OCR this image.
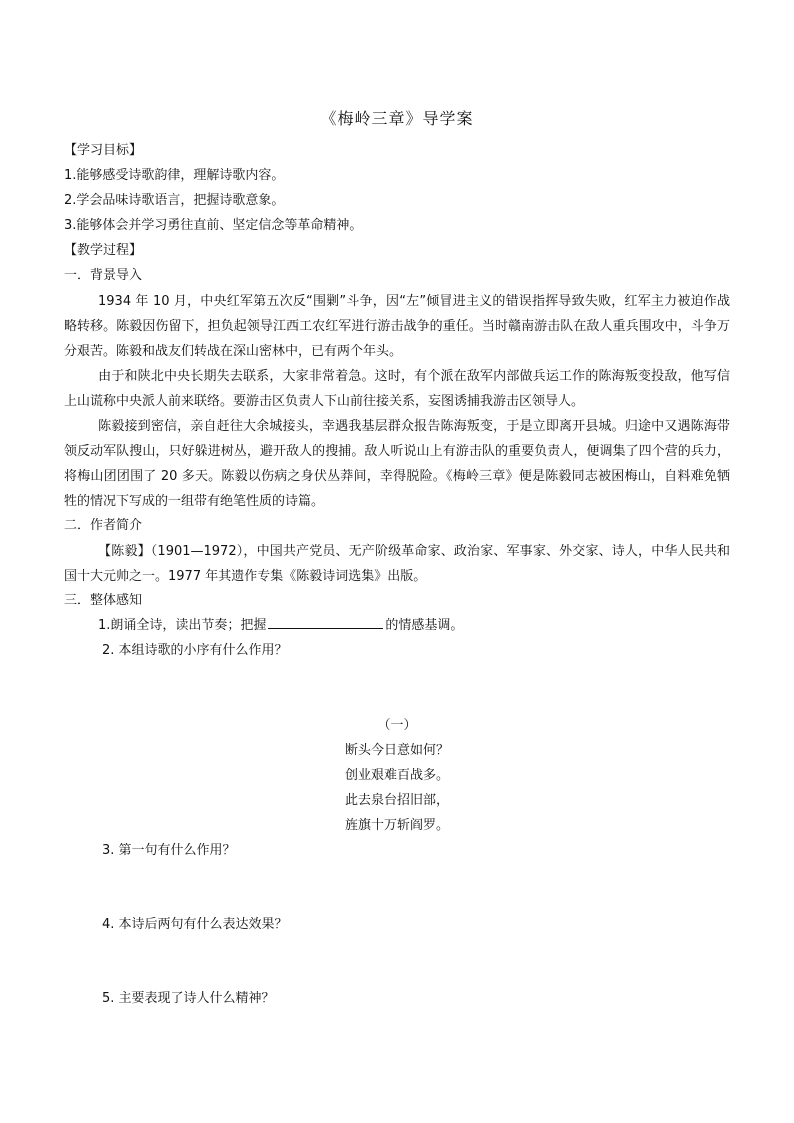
《梅岭三章》导学案
【学习目标】
1.能够感受诗歌韵律，理解诗歌内容。
2.学会品味诗歌语言，把握诗歌意象。
3.能够体会并学习勇往直前、坚定信念等革命精神。
【教学过程】
一．背景导入
1934 年 10 月，中央红军第五次反“围剿”斗争，因“左”倾冒进主义的错误指挥导致失败，红军主力被迫作战略转移。陈毅因伤留下，担负起领导江西工农红军进行游击战争的重任。当时赣南游击队在敌人重兵围攻中，斗争万分艰苦。陈毅和战友们转战在深山密林中，已有两个年头。
由于和陕北中央长期失去联系，大家非常着急。这时，有个派在敌军内部做兵运工作的陈海叛变投敌，他写信上山谎称中央派人前来联络。要游击区负责人下山前往接关系，妄图诱捕我游击区领导人。
陈毅接到密信，亲自赶往大余城接头，幸遇我基层群众报告陈海叛变，于是立即离开县城。归途中又遇陈海带领反动军队搜山，只好躲进树丛，避开敌人的搜捕。敌人听说山上有游击队的重要负责人，便调集了四个营的兵力，将梅山团团围了 20 多天。陈毅以伤病之身伏丛莽间，幸得脱险。《梅岭三章》便是陈毅同志被困梅山，自料难免牺牲的情况下写成的一组带有绝笔性质的诗篇。
二．作者简介
【陈毅】（1901—1972），中国共产党员、无产阶级革命家、政治家、军事家、外交家、诗人，中华人民共和国十大元帅之一。1977 年其遗作专集《陈毅诗词选集》出版。
三．整体感知
1.朗诵全诗，读出节奏；把握	的情感基调。
2. 本组诗歌的小序有什么作用？
（一）
断头今日意如何？
创业艰难百战多。
此去泉台招旧部，
旌旗十万斩阎罗。
3. 第一句有什么作用？
4. 本诗后两句有什么表达效果？
5. 主要表现了诗人什么精神？
